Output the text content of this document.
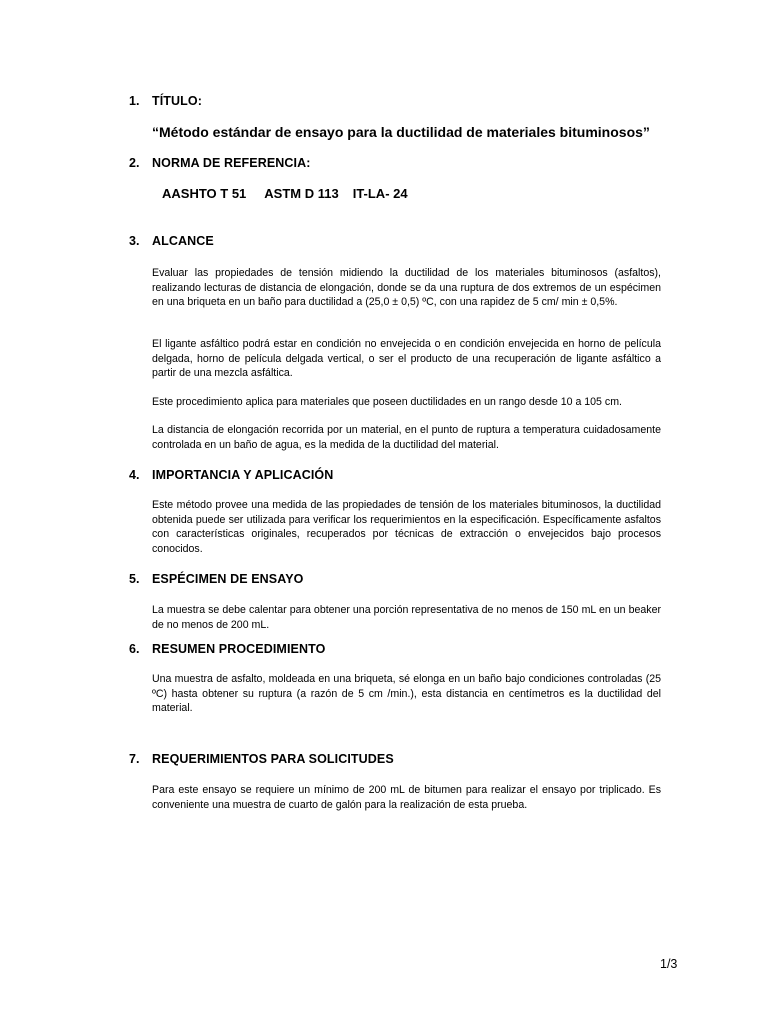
1. TÍTULO:
“Método estándar de ensayo para la ductilidad de materiales bituminosos”
2. NORMA DE REFERENCIA:
AASHTO T 51 ASTM D 113 IT-LA- 24
3. ALCANCE

Evaluar las propiedades de tensión midiendo la ductilidad de los materiales bituminosos (asfaltos), realizando lecturas de distancia de elongación, donde se da una ruptura de dos extremos de un espécimen en una briqueta en un baño para ductilidad a (25,0 ± 0,5) ºC, con una rapidez de 5 cm/ min ± 0,5%.

El ligante asfáltico podrá estar en condición no envejecida o en condición envejecida en horno de película delgada, horno de película delgada vertical, o ser el producto de una recuperación de ligante asfáltico a partir de una mezcla asfáltica.

Este procedimiento aplica para materiales que poseen ductilidades en un rango desde 10 a 105 cm.

La distancia de elongación recorrida por un material, en el punto de ruptura a temperatura cuidadosamente controlada en un baño de agua, es la medida de la ductilidad del material.

4. IMPORTANCIA Y APLICACIÓN

Este método provee una medida de las propiedades de tensión de los materiales bituminosos, la ductilidad obtenida puede ser utilizada para verificar los requerimientos en la especificación. Específicamente asfaltos con características originales, recuperados por técnicas de extracción o envejecidos bajo procesos conocidos.

5. ESPÉCIMEN DE ENSAYO

La muestra se debe calentar para obtener una porción representativa de no menos de 150 mL en un beaker de no menos de 200 mL.

6. RESUMEN PROCEDIMIENTO

Una muestra de asfalto, moldeada en una briqueta, sé elonga en un baño bajo condiciones controladas (25 ºC) hasta obtener su ruptura (a razón de 5 cm /min.), esta distancia en centímetros es la ductilidad del material.

7. REQUERIMIENTOS PARA SOLICITUDES

Para este ensayo se requiere un mínimo de 200 mL de bitumen para realizar el ensayo por triplicado. Es conveniente una muestra de cuarto de galón para la realización de esta prueba.

1/3
